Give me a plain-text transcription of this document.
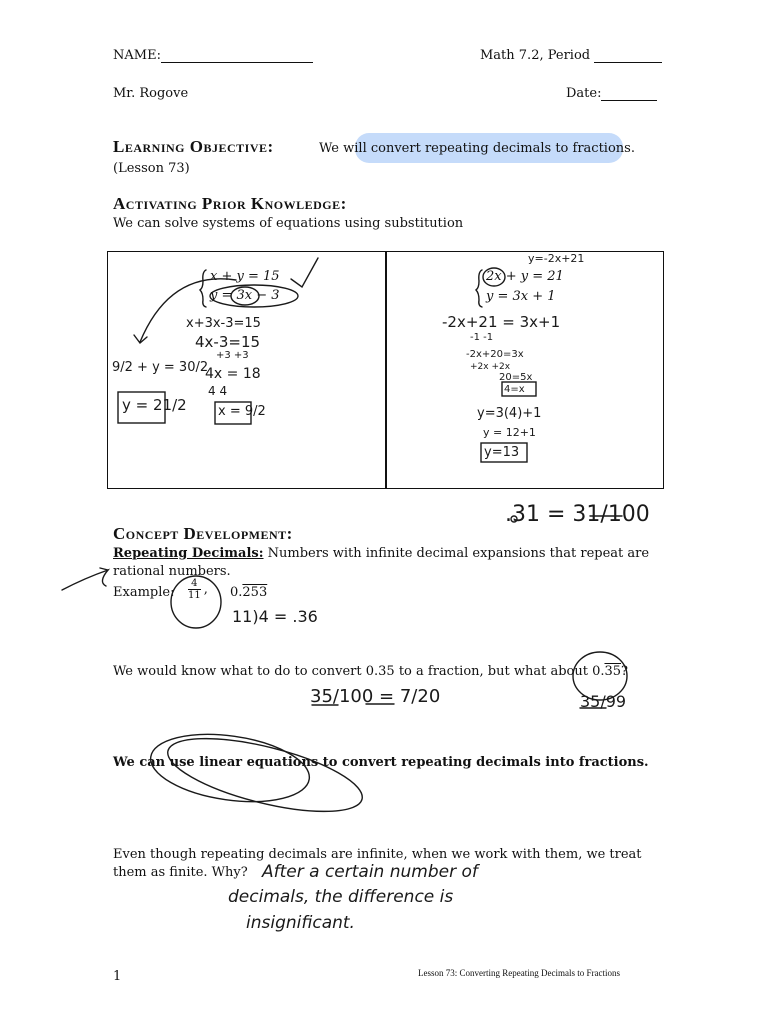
NAME:	Math 7.2, Period
Mr. Rogove	Date:
Learning Objective:	We will convert repeating decimals to fractions.
(Lesson 73)
Activating Prior Knowledge:
We can solve systems of equations using substitution
x + y = 15
y = 3x − 3
x+3x-3=15
4x-3=15
+3 +3
4x = 18
4 4
x = 9/2
9/2 + y = 30/2
y = 21/2
2x + y = 21
y = 3x + 1
y=-2x+21
-2x+21 = 3x+1
-1 -1
-2x+20=3x
+2x +2x
20=5x
4=x
y=3(4)+1
y = 12+1
y=13
.31 = 31/100
Concept Development:
Repeating Decimals: Numbers with infinite decimal expansions that repeat are
rational numbers.
Example: $\frac{4}{11}$ , 0.253
11)4 = .36
We would know what to do to convert 0.35 to a fraction, but what about 0.35?
35/100 = 7/20	35/99
We can use linear equations to convert repeating decimals into fractions.
Even though repeating decimals are infinite, when we work with them, we treat
them as finite. Why? After a certain number of
decimals, the difference is
insignificant.
1	Lesson 73: Converting Repeating Decimals to Fractions
